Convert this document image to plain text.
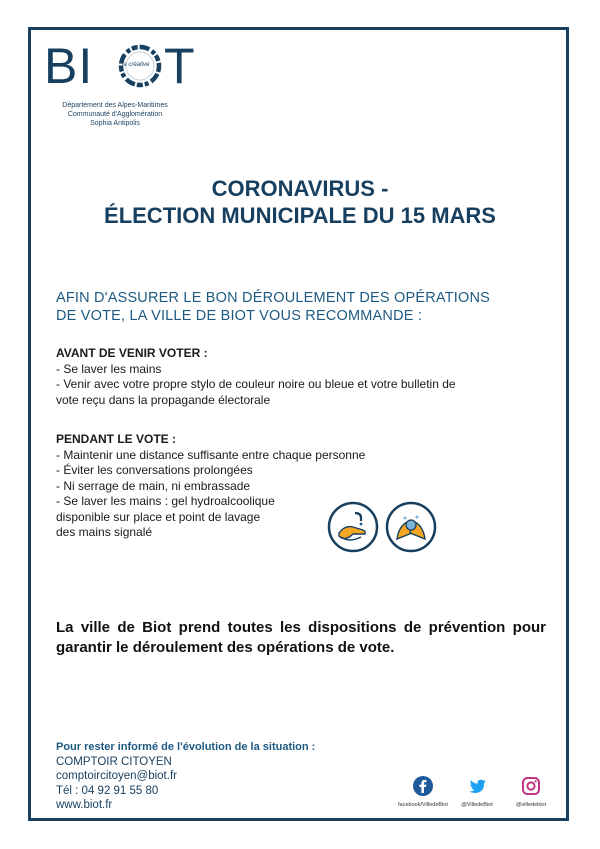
BI	la créative T
Département des Alpes-Maritimes
Communauté d'Agglomération
Sophia Antipolis
CORONAVIRUS -
ÉLECTION MUNICIPALE DU 15 MARS
AFIN D'ASSURER LE BON DÉROULEMENT DES OPÉRATIONS
DE VOTE, LA VILLE DE BIOT VOUS RECOMMANDE :
AVANT DE VENIR VOTER :
- Se laver les mains
- Venir avec votre propre stylo de couleur noire ou bleue et votre bulletin de
vote reçu dans la propagande électorale
PENDANT LE VOTE :
- Maintenir une distance suffisante entre chaque personne
- Éviter les conversations prolongées
- Ni serrage de main, ni embrassade
- Se laver les mains : gel hydroalcoolique
disponible sur place et point de lavage
des mains signalé
La ville de Biot prend toutes les dispositions de prévention pour garantir le déroulement des opérations de vote.
Pour rester informé de l'évolution de la situation :
COMPTOIR CITOYEN
comptoircitoyen@biot.fr
Tél : 04 92 91 55 80
www.biot.fr	facebook/VilledeBiot	@VilledeBiot	@villedebiot
